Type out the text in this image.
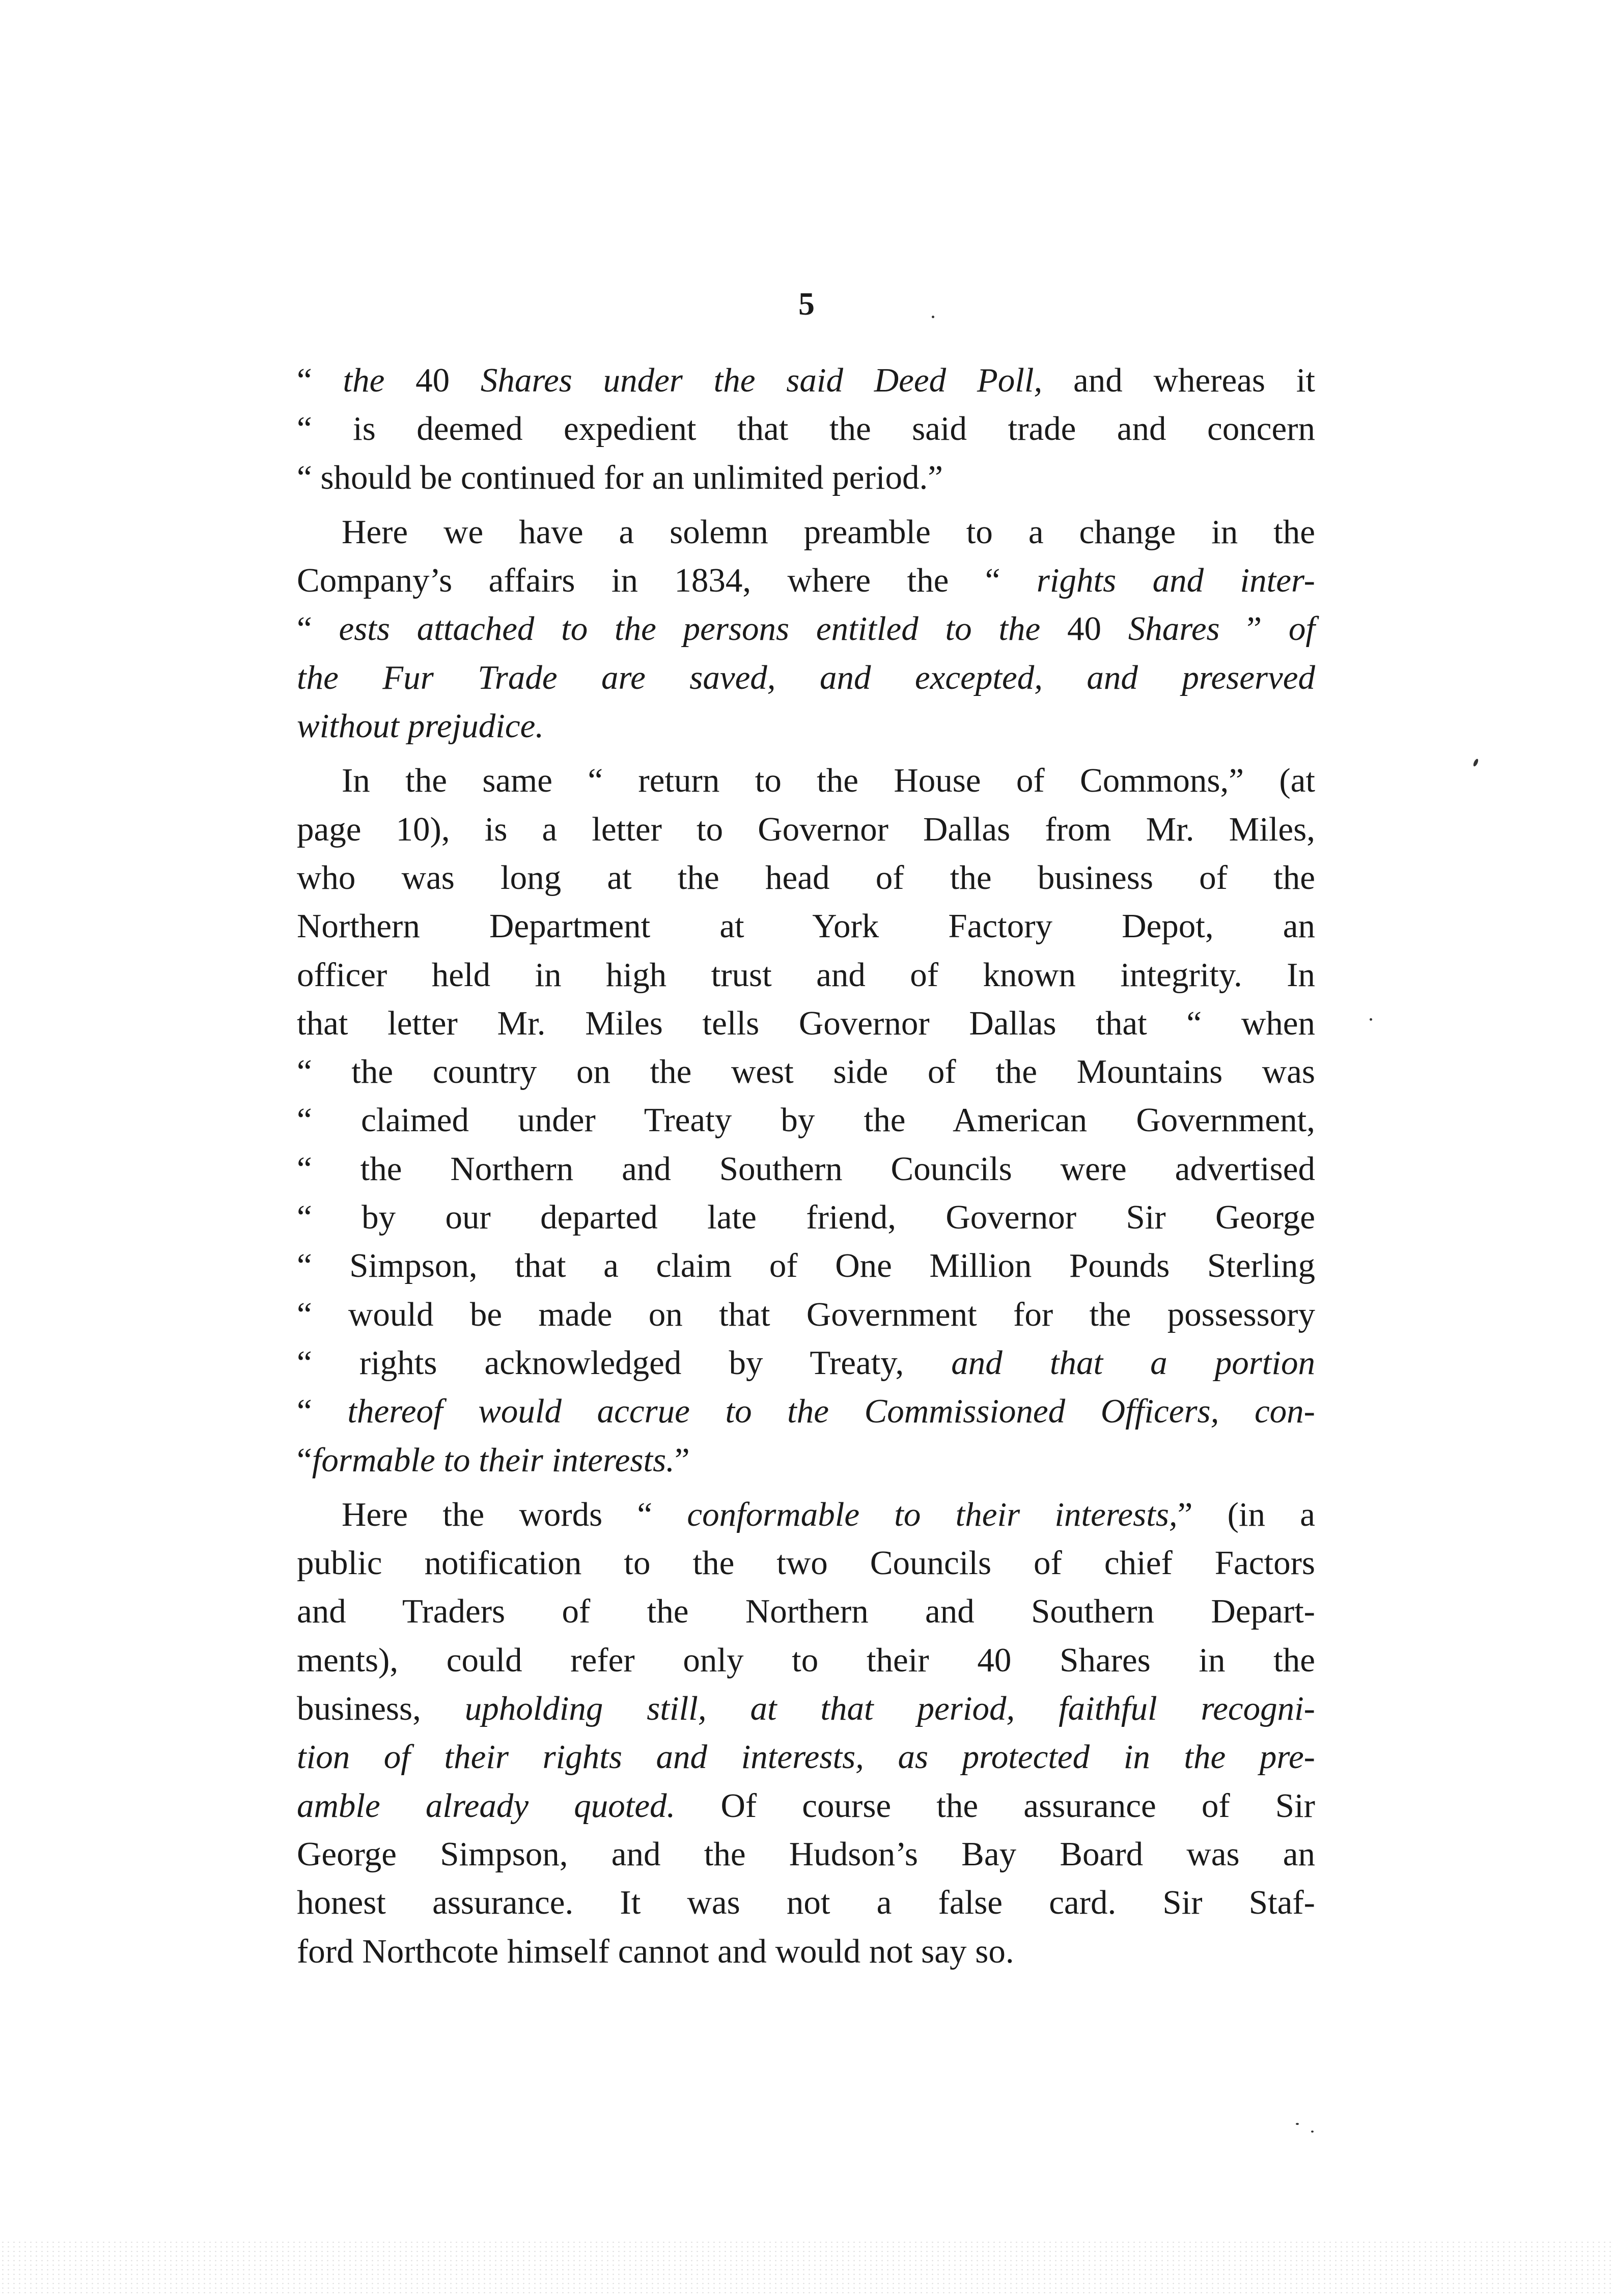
5
“ the 40 Shares under the said Deed Poll, and whereas it
“ is deemed expedient that the said trade and concern
“ should be continued for an unlimited period.”
Here we have a solemn preamble to a change in the
Company’s affairs in 1834, where the “ rights and inter-
“ ests attached to the persons entitled to the 40 Shares ” of
the Fur Trade are saved, and excepted, and preserved
without prejudice.
In the same “ return to the House of Commons,” (at
page 10), is a letter to Governor Dallas from Mr. Miles,
who was long at the head of the business of the
Northern Department at York Factory Depot, an
officer held in high trust and of known integrity. In
that letter Mr. Miles tells Governor Dallas that “ when
“ the country on the west side of the Mountains was
“ claimed under Treaty by the American Government,
“ the Northern and Southern Councils were advertised
“ by our departed late friend, Governor Sir George
“ Simpson, that a claim of One Million Pounds Sterling
“ would be made on that Government for the possessory
“ rights acknowledged by Treaty, and that a portion
“ thereof would accrue to the Commissioned Officers, con-
“formable to their interests.”
Here the words “ conformable to their interests,” (in a
public notification to the two Councils of chief Factors
and Traders of the Northern and Southern Depart-
ments), could refer only to their 40 Shares in the
business, upholding still, at that period, faithful recogni-
tion of their rights and interests, as protected in the pre-
amble already quoted. Of course the assurance of Sir
George Simpson, and the Hudson’s Bay Board was an
honest assurance. It was not a false card. Sir Staf-
ford Northcote himself cannot and would not say so.
